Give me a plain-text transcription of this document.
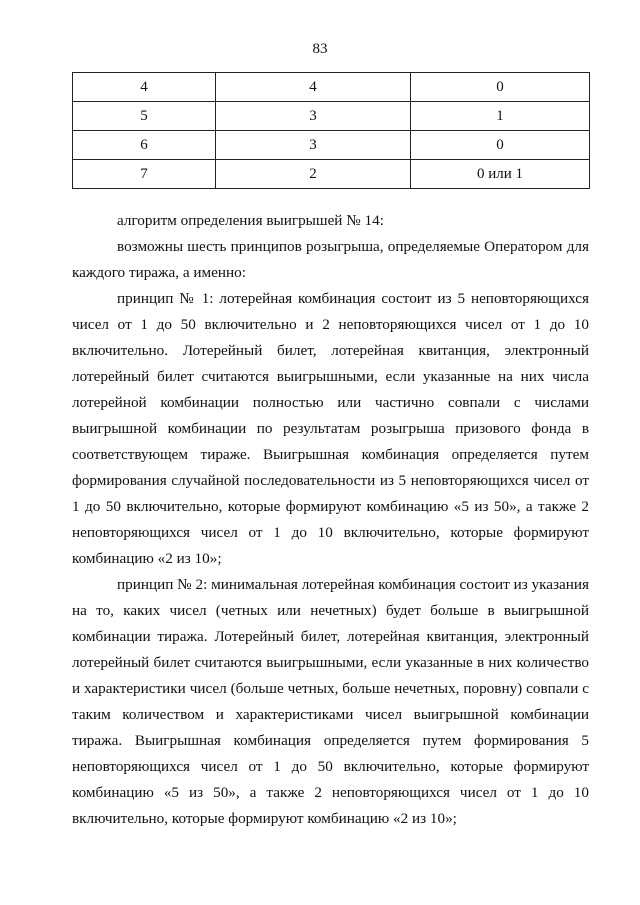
83
4	4	0
5	3	1
6	3	0
7	2	0 или 1

алгоритм определения выигрышей № 14:

возможны шесть принципов розыгрыша, определяемые Оператором для каждого тиража, а именно:

принцип № 1: лотерейная комбинация состоит из 5 неповторяющихся чисел от 1 до 50 включительно и 2 неповторяющихся чисел от 1 до 10 включительно. Лотерейный билет, лотерейная квитанция, электронный лотерейный билет считаются выигрышными, если указанные на них числа лотерейной комбинации полностью или частично совпали с числами выигрышной комбинации по результатам розыгрыша призового фонда в соответствующем тираже. Выигрышная комбинация определяется путем формирования случайной последовательности из 5 неповторяющихся чисел от 1 до 50 включительно, которые формируют комбинацию «5 из 50», а также 2 неповторяющихся чисел от 1 до 10 включительно, которые формируют комбинацию «2 из 10»;

принцип № 2: минимальная лотерейная комбинация состоит из указания на то, каких чисел (четных или нечетных) будет больше в выигрышной комбинации тиража. Лотерейный билет, лотерейная квитанция, электронный лотерейный билет считаются выигрышными, если указанные в них количество и характеристики чисел (больше четных, больше нечетных, поровну) совпали с таким количеством и характеристиками чисел выигрышной комбинации тиража. Выигрышная комбинация определяется путем формирования 5 неповторяющихся чисел от 1 до 50 включительно, которые формируют комбинацию «5 из 50», а также 2 неповторяющихся чисел от 1 до 10 включительно, которые формируют комбинацию «2 из 10»;
